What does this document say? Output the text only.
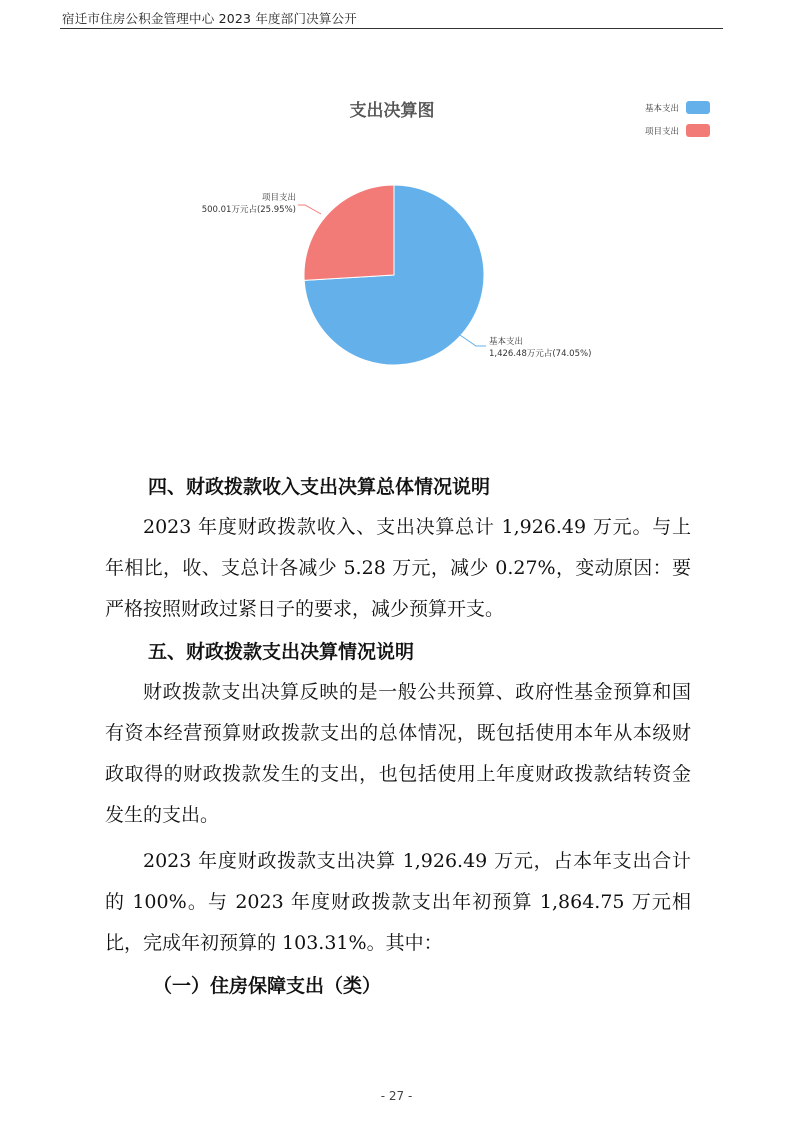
宿迁市住房公积金管理中心 2023 年度部门决算公开
支出决算图	基本支出
项目支出
项目支出
500.01万元占(25.95%)
基本支出
1,426.48万元占(74.05%)
四、财政拨款收入支出决算总体情况说明
2023 年度财政拨款收入、支出决算总计 1,926.49 万元。与上年相比，收、支总计各减少 5.28 万元，减少 0.27%，变动原因：要严格按照财政过紧日子的要求，减少预算开支。
五、财政拨款支出决算情况说明
财政拨款支出决算反映的是一般公共预算、政府性基金预算和国有资本经营预算财政拨款支出的总体情况，既包括使用本年从本级财政取得的财政拨款发生的支出，也包括使用上年度财政拨款结转资金发生的支出。
2023 年度财政拨款支出决算 1,926.49 万元，占本年支出合计的 100%。与 2023 年度财政拨款支出年初预算 1,864.75 万元相比，完成年初预算的 103.31%。其中：
（一）住房保障支出（类）
- 27 -
